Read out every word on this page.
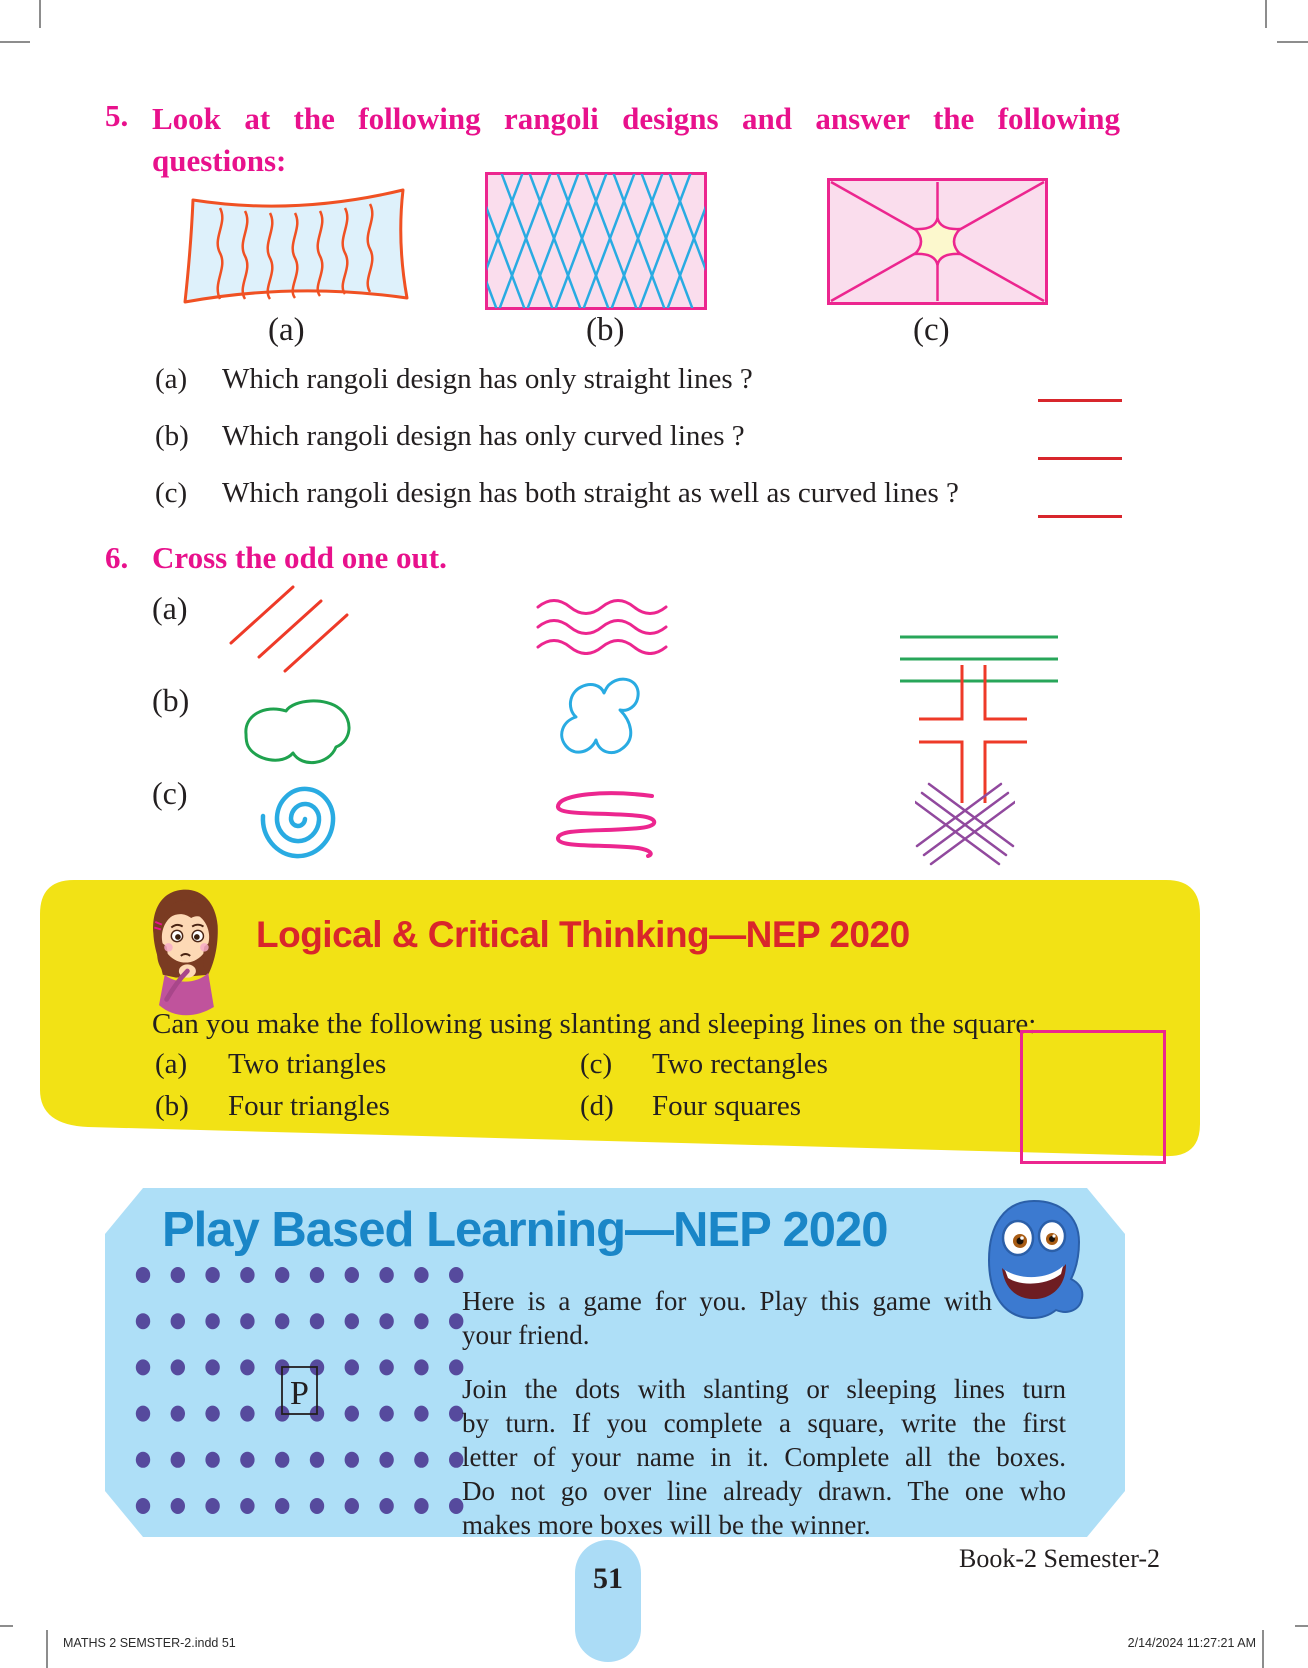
5. Look at the following rangoli designs and answer the following
questions:
(a)	(b)	(c)
(a) Which rangoli design has only straight lines ?
(b) Which rangoli design has only curved lines ?
(c) Which rangoli design has both straight as well as curved lines ?
6. Cross the odd one out.
(a)
(b)
(c)
Logical & Critical Thinking—NEP 2020
Can you make the following using slanting and sleeping lines on the square:
(a) Two triangles	(c) Two rectangles
(b) Four triangles	(d) Four squares
Play Based Learning—NEP 2020
P
Here is a game for you. Play this game with
your friend.
Join the dots with slanting or sleeping lines turn
by turn. If you complete a square, write the first
letter of your name in it. Complete all the boxes.
Do not go over line already drawn. The one who
makes more boxes will be the winner.
Book-2 Semester-2
51
MATHS 2 SEMSTER-2.indd 51	2/14/2024 11:27:21 AM
